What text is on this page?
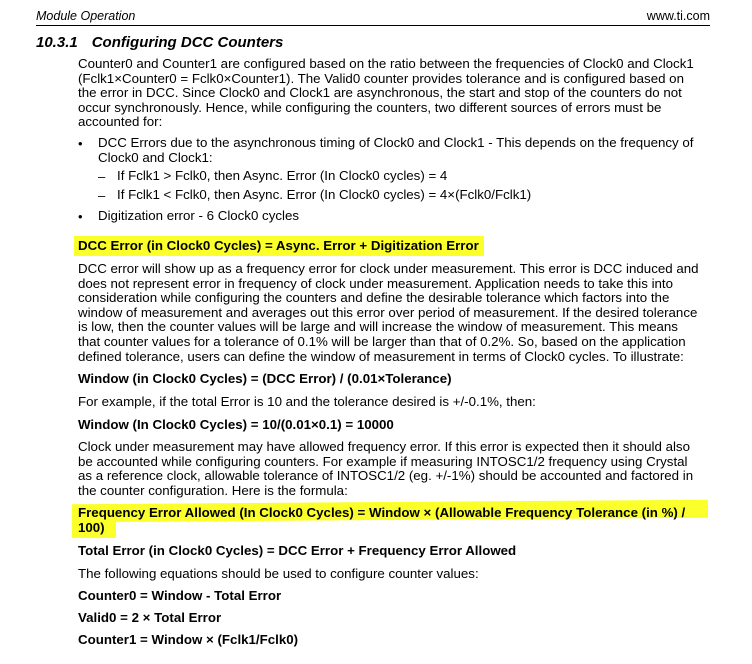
Module Operation	www.ti.com
10.3.1 Configuring DCC Counters
Counter0 and Counter1 are configured based on the ratio between the frequencies of Clock0 and Clock1
(Fclk1×Counter0 = Fclk0×Counter1). The Valid0 counter provides tolerance and is configured based on
the error in DCC. Since Clock0 and Clock1 are asynchronous, the start and stop of the counters do not
occur synchronously. Hence, while configuring the counters, two different sources of errors must be
accounted for:
• DCC Errors due to the asynchronous timing of Clock0 and Clock1 - This depends on the frequency of
Clock0 and Clock1:
– If Fclk1 > Fclk0, then Async. Error (In Clock0 cycles) = 4
– If Fclk1 < Fclk0, then Async. Error (In Clock0 cycles) = 4×(Fclk0/Fclk1)
• Digitization error - 6 Clock0 cycles
DCC Error (in Clock0 Cycles) = Async. Error + Digitization Error
DCC error will show up as a frequency error for clock under measurement. This error is DCC induced and
does not represent error in frequency of clock under measurement. Application needs to take this into
consideration while configuring the counters and define the desirable tolerance which factors into the
window of measurement and averages out this error over period of measurement. If the desired tolerance
is low, then the counter values will be large and will increase the window of measurement. This means
that counter values for a tolerance of 0.1% will be larger than that of 0.2%. So, based on the application
defined tolerance, users can define the window of measurement in terms of Clock0 cycles. To illustrate:
Window (in Clock0 Cycles) = (DCC Error) / (0.01×Tolerance)
For example, if the total Error is 10 and the tolerance desired is +/-0.1%, then:
Window (In Clock0 Cycles) = 10/(0.01×0.1) = 10000
Clock under measurement may have allowed frequency error. If this error is expected then it should also
be accounted while configuring counters. For example if measuring INTOSC1/2 frequency using Crystal
as a reference clock, allowable tolerance of INTOSC1/2 (eg. +/-1%) should be accounted and factored in
the counter configuration. Here is the formula:
Frequency Error Allowed (In Clock0 Cycles) = Window × (Allowable Frequency Tolerance (in %) /
100)
Total Error (in Clock0 Cycles) = DCC Error + Frequency Error Allowed
The following equations should be used to configure counter values:
Counter0 = Window - Total Error
Valid0 = 2 × Total Error
Counter1 = Window × (Fclk1/Fclk0)
